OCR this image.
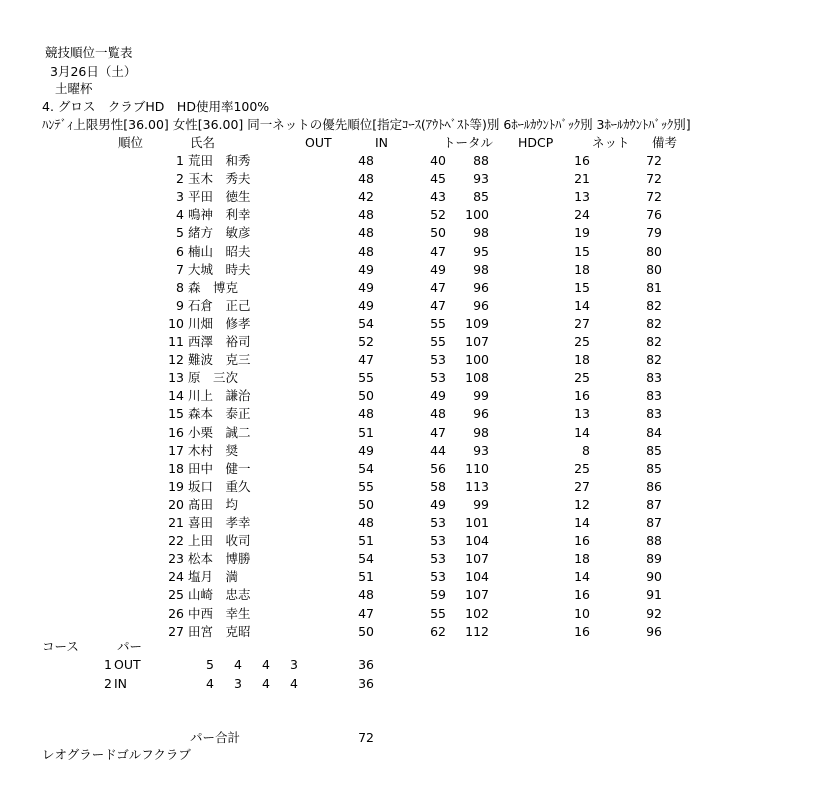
競技順位一覧表
3月26日（土）
土曜杯
4. グロス　クラブHD　HD使用率100%
ﾊﾝﾃﾞｨ上限男性[36.00] 女性[36.00] 同一ネットの優先順位[指定ｺｰｽ(ｱｳﾄﾍﾞｽﾄ等)別 6ﾎｰﾙｶｳﾝﾄﾊﾞｯｸ別 3ﾎｰﾙｶｳﾝﾄﾊﾞｯｸ別]
順位	氏名	OUT	IN	トータル HDCP	ネット 備考
1 荒田　和秀	48	40	88	16	72
2 玉木　秀夫	48	45	93	21	72
3 平田　徳生	42	43	85	13	72
4 鳴神　利幸	48	52	100	24	76
5 緒方　敏彦	48	50	98	19	79
6 楠山　昭夫	48	47	95	15	80
7 大城　時夫	49	49	98	18	80
8 森　博克	49	47	96	15	81
9 石倉　正己	49	47	96	14	82
10 川畑　修孝	54	55	109	27	82
11 西澤　裕司	52	55	107	25	82
12 難波　克三	47	53	100	18	82
13 原　三次	55	53	108	25	83
14 川上　謙治	50	49	99	16	83
15 森本　泰正	48	48	96	13	83
16 小栗　誠二	51	47	98	14	84
17 木村　奨	49	44	93	8	85
18 田中　健一	54	56	110	25	85
19 坂口　重久	55	58	113	27	86
20 髙田　均	50	49	99	12	87
21 喜田　孝幸	48	53	101	14	87
22 上田　收司	51	53	104	16	88
23 松本　博勝	54	53	107	18	89
24 塩月　満	51	53	104	14	90
25 山崎　忠志	48	59	107	16	91
26 中西　幸生	47	55	102	10	92
27 田宮　克昭	50	62	112	16	96
コース	パー
1 OUT	5	4	4	3	36
2 IN	4	3	4	4	36
パー合計	72
レオグラードゴルフクラブ
